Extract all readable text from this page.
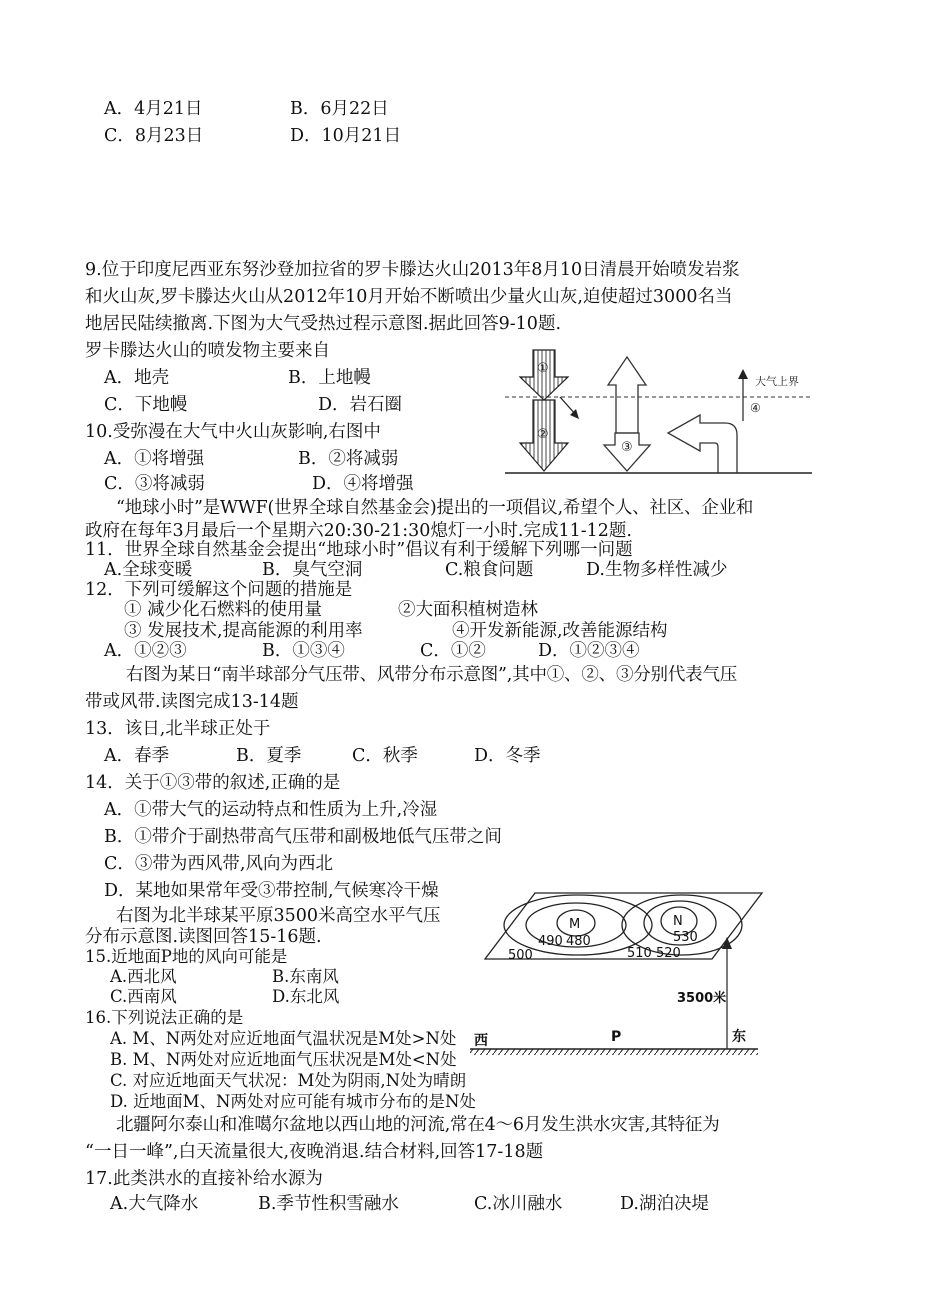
A．4月21日	B．6月22日
C．8月23日	D．10月21日
9.位于印度尼西亚东努沙登加拉省的罗卡滕达火山2013年8月10日清晨开始喷发岩浆
和火山灰,罗卡滕达火山从2012年10月开始不断喷出少量火山灰,迫使超过3000名当
地居民陆续撤离.下图为大气受热过程示意图.据此回答9-10题.
罗卡滕达火山的喷发物主要来自
A．地壳	B．上地幔
C．下地幔	D．岩石圈
10.受弥漫在大气中火山灰影响,右图中
A．①将增强	B．②将减弱
C．③将减弱	D．④将增强
①
②
③
④
大气上界
“地球小时”是WWF(世界全球自然基金会)提出的一项倡议,希望个人、社区、企业和
政府在每年3月最后一个星期六20:30-21:30熄灯一小时.完成11-12题.
11．世界全球自然基金会提出“地球小时”倡议有利于缓解下列哪一问题
A.全球变暖	B．臭气空洞	C.粮食问题	D.生物多样性减少
12．下列可缓解这个问题的措施是
① 减少化石燃料的使用量	②大面积植树造林
③ 发展技术,提高能源的利用率	④开发新能源,改善能源结构
A．①②③	B．①③④	C．①②	D．①②③④
右图为某日“南半球部分气压带、风带分布示意图”,其中①、②、③分别代表气压
带或风带.读图完成13-14题
13．该日,北半球正处于
A．春季	B．夏季	C．秋季	D．冬季
14．关于①③带的叙述,正确的是
A．①带大气的运动特点和性质为上升,冷湿
B．①带介于副热带高气压带和副极地低气压带之间
C．③带为西风带,风向为西北
D．某地如果常年受③带控制,气候寒冷干燥
右图为北半球某平原3500米高空水平气压
分布示意图.读图回答15-16题.
15.近地面P地的风向可能是
A.西北风	B.东南风
C.西南风	D.东北风
16.下列说法正确的是
A. M、N两处对应近地面气温状况是M处>N处
B. M、N两处对应近地面气压状况是M处<N处
C. 对应近地面天气状况：M处为阴雨,N处为晴朗
D. 近地面M、N两处对应可能有城市分布的是N处
M
490 480
500
N
530
510 520
3500米
西	P	东
北疆阿尔泰山和准噶尔盆地以西山地的河流,常在4～6月发生洪水灾害,其特征为
“一日一峰”,白天流量很大,夜晚消退.结合材料,回答17-18题
17.此类洪水的直接补给水源为
A.大气降水	B.季节性积雪融水	C.冰川融水	D.湖泊决堤
